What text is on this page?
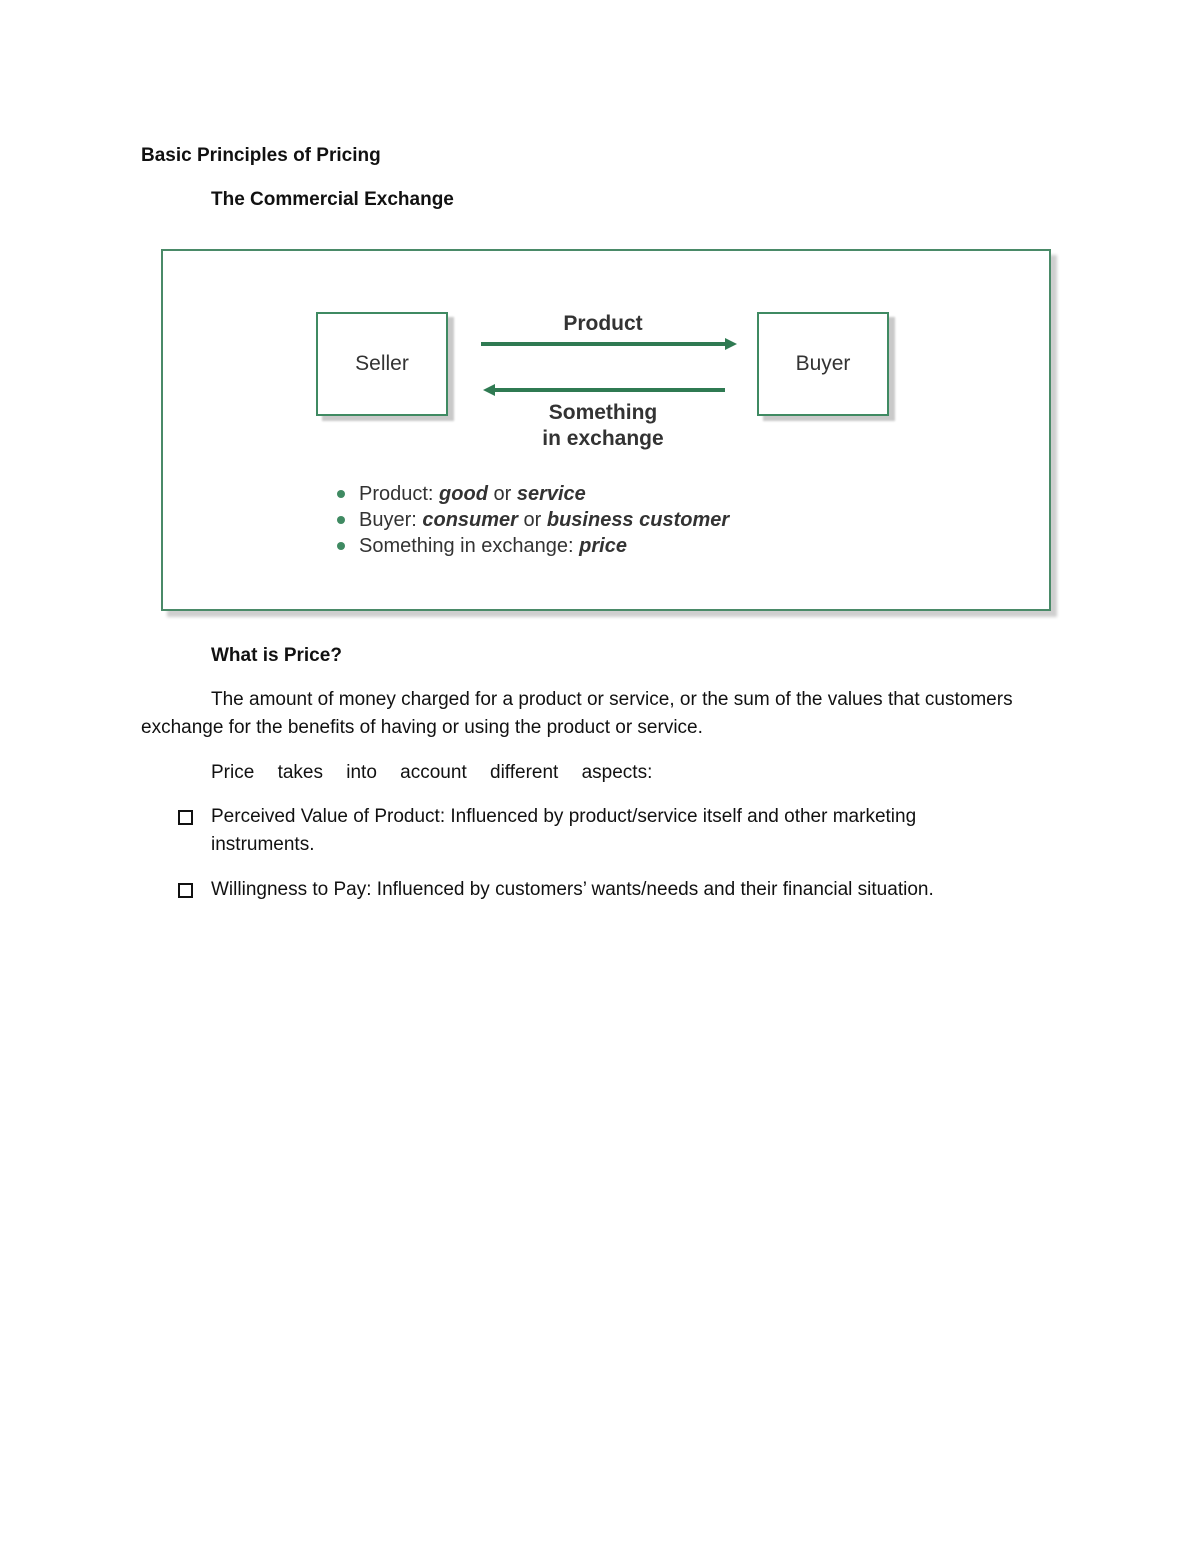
Basic Principles of Pricing
The Commercial Exchange
Seller
Product
Something
in exchange
Buyer
Product: good or service
Buyer: consumer or business customer
Something in exchange: price
What is Price?
The amount of money charged for a product or service, or the sum of the values that customers exchange for the benefits of having or using the product or service.
Price takes into account different aspects:
Perceived Value of Product: Influenced by product/service itself and other marketing instruments.
Willingness to Pay: Influenced by customers’ wants/needs and their financial situation.
